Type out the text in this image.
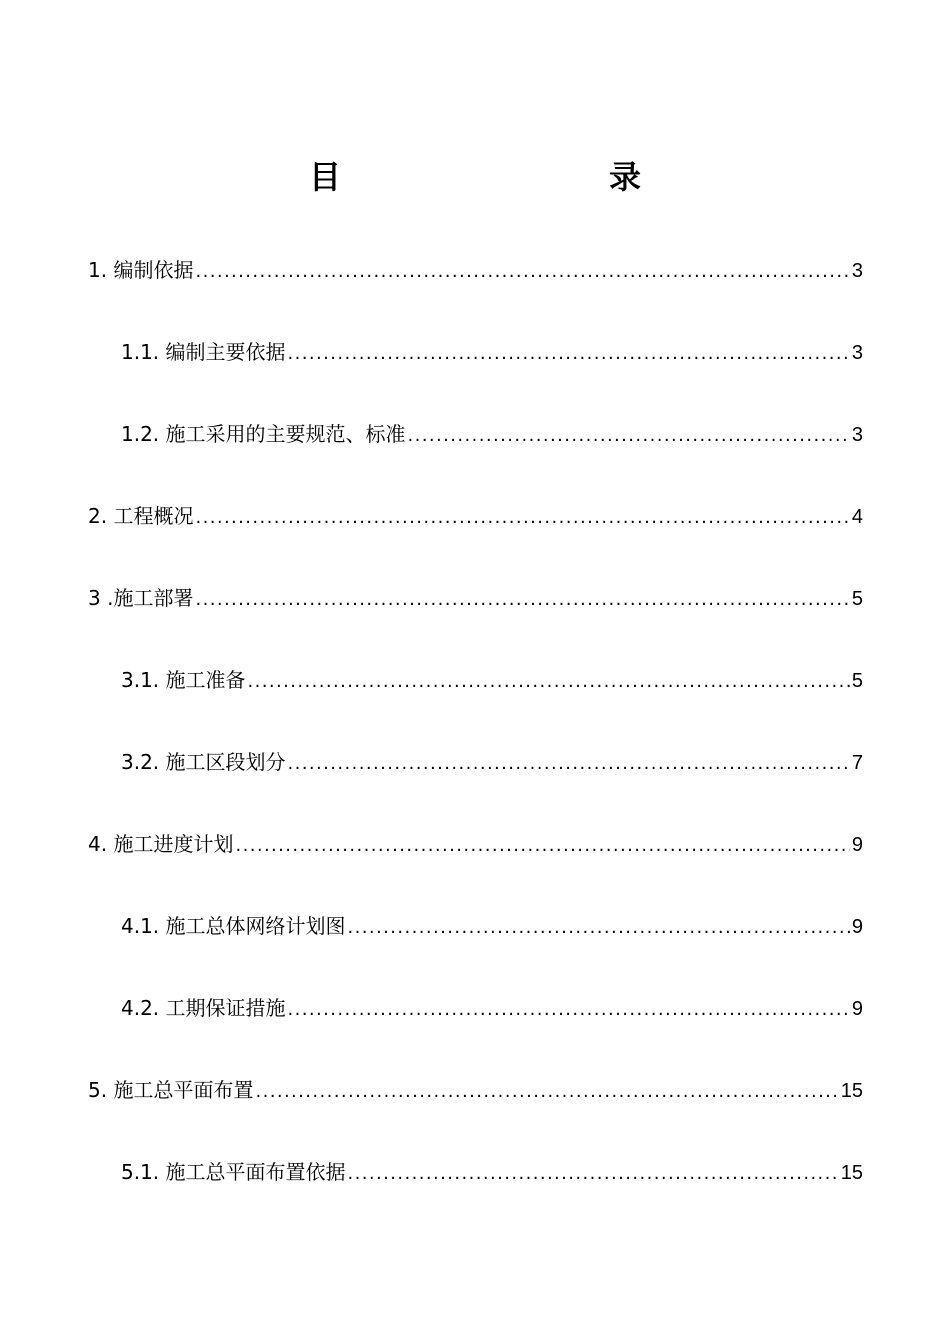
目　　录
1. 编制依据 .....	3
1.1. 编制主要依据 .....	3
1.2. 施工采用的主要规范、标准 .....	3
2. 工程概况 .....	4
3 .施工部署 .....	5
3.1. 施工准备 .....	5
3.2. 施工区段划分 .....	7
4. 施工进度计划 .....	9
4.1. 施工总体网络计划图 .....	9
4.2. 工期保证措施 .....	9
5. 施工总平面布置 .....	15
5.1. 施工总平面布置依据 .....	15
